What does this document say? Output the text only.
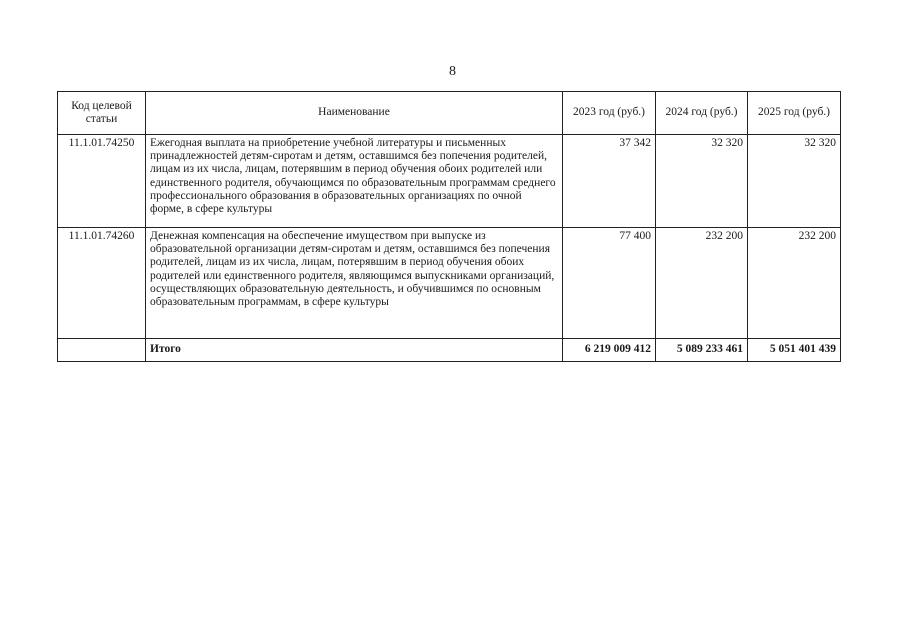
8
Код целевой статьи	Наименование	2023 год (руб.)	2024 год (руб.)	2025 год (руб.)
11.1.01.74250	Ежегодная выплата на приобретение учебной литературы и письменных принадлежностей детям-сиротам и детям, оставшимся без попечения родителей, лицам из их числа, лицам, потерявшим в период обучения обоих родителей или единственного родителя, обучающимся по образовательным программам среднего профессионального образования в образовательных организациях по очной форме, в сфере культуры	37 342	32 320	32 320
11.1.01.74260	Денежная компенсация на обеспечение имуществом при выпуске из образовательной организации детям-сиротам и детям, оставшимся без попечения родителей, лицам из их числа, лицам, потерявшим в период обучения обоих родителей или единственного родителя, являющимся выпускниками организаций, осуществляющих образовательную деятельность, и обучившимся по основным образовательным программам, в сфере культуры	77 400	232 200	232 200
	Итого	6 219 009 412	5 089 233 461	5 051 401 439
